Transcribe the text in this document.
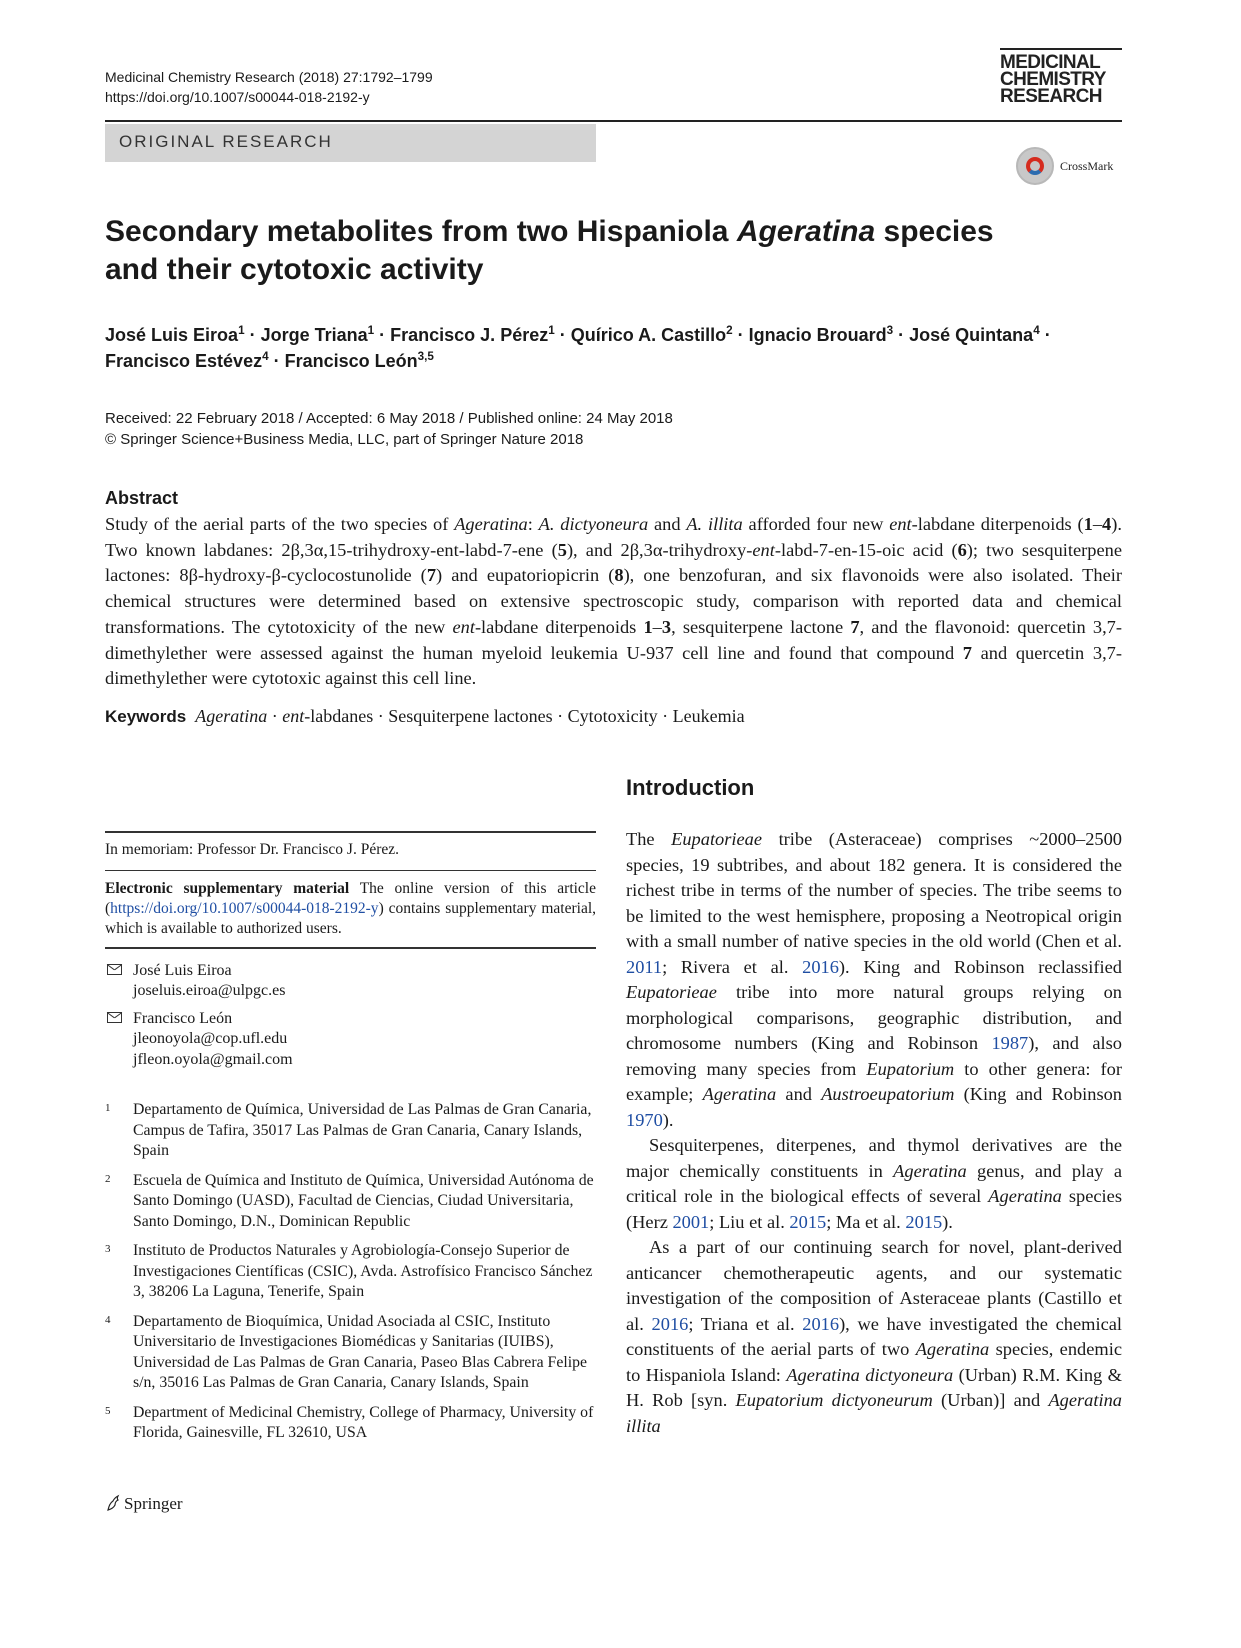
Medicinal Chemistry Research (2018) 27:1792–1799
https://doi.org/10.1007/s00044-018-2192-y
MEDICINAL
CHEMISTRY
RESEARCH
ORIGINAL RESEARCH
CrossMark
Secondary metabolites from two Hispaniola Ageratina species and their cytotoxic activity
José Luis Eiroa$^1$ · Jorge Triana$^1$ · Francisco J. Pérez$^1$ · Quírico A. Castillo$^2$ · Ignacio Brouard$^3$ · José Quintana$^4$ ·
Francisco Estévez$^4$ · Francisco León$^{3,5}$
Received: 22 February 2018 / Accepted: 6 May 2018 / Published online: 24 May 2018
© Springer Science+Business Media, LLC, part of Springer Nature 2018
Abstract

Study of the aerial parts of the two species of Ageratina: A. dictyoneura and A. illita afforded four new ent-labdane diterpenoids (1–4). Two known labdanes: 2β,3α,15-trihydroxy-ent-labd-7-ene (5), and 2β,3α-trihydroxy-ent-labd-7-en-15-oic acid (6); two sesquiterpene lactones: 8β-hydroxy-β-cyclocostunolide (7) and eupatoriopicrin (8), one benzofuran, and six flavonoids were also isolated. Their chemical structures were determined based on extensive spectroscopic study, comparison with reported data and chemical transformations. The cytotoxicity of the new ent-labdane diterpenoids 1–3, sesquiterpene lactone 7, and the flavonoid: quercetin 3,7-dimethylether were assessed against the human myeloid leukemia U-937 cell line and found that compound 7 and quercetin 3,7-dimethylether were cytotoxic against this cell line.

Keywords Ageratina · ent-labdanes · Sesquiterpene lactones · Cytotoxicity · Leukemia
In memoriam: Professor Dr. Francisco J. Pérez.
Electronic supplementary material The online version of this article (https://doi.org/10.1007/s00044-018-2192-y) contains supplementary material, which is available to authorized users.
José Luis Eiroa
joseluis.eiroa@ulpgc.es
Francisco León
jleonoyola@cop.ufl.edu
jfleon.oyola@gmail.com
1 Departamento de Química, Universidad de Las Palmas de Gran Canaria, Campus de Tafira, 35017 Las Palmas de Gran Canaria, Canary Islands, Spain
2 Escuela de Química and Instituto de Química, Universidad Autónoma de Santo Domingo (UASD), Facultad de Ciencias, Ciudad Universitaria, Santo Domingo, D.N., Dominican Republic
3 Instituto de Productos Naturales y Agrobiología-Consejo Superior de Investigaciones Científicas (CSIC), Avda. Astrofísico Francisco Sánchez 3, 38206 La Laguna, Tenerife, Spain
4 Departamento de Bioquímica, Unidad Asociada al CSIC, Instituto Universitario de Investigaciones Biomédicas y Sanitarias (IUIBS), Universidad de Las Palmas de Gran Canaria, Paseo Blas Cabrera Felipe s/n, 35016 Las Palmas de Gran Canaria, Canary Islands, Spain
5 Department of Medicinal Chemistry, College of Pharmacy, University of Florida, Gainesville, FL 32610, USA
Introduction

The Eupatorieae tribe (Asteraceae) comprises ~2000–2500 species, 19 subtribes, and about 182 genera. It is considered the richest tribe in terms of the number of species. The tribe seems to be limited to the west hemisphere, proposing a Neotropical origin with a small number of native species in the old world (Chen et al. 2011; Rivera et al. 2016). King and Robinson reclassified Eupatorieae tribe into more natural groups relying on morphological comparisons, geographic distribution, and chromosome numbers (King and Robinson 1987), and also removing many species from Eupatorium to other genera: for example; Ageratina and Austroeupatorium (King and Robinson 1970).

Sesquiterpenes, diterpenes, and thymol derivatives are the major chemically constituents in Ageratina genus, and play a critical role in the biological effects of several Ageratina species (Herz 2001; Liu et al. 2015; Ma et al. 2015).

As a part of our continuing search for novel, plant-derived anticancer chemotherapeutic agents, and our systematic investigation of the composition of Asteraceae plants (Castillo et al. 2016; Triana et al. 2016), we have investigated the chemical constituents of the aerial parts of two Ageratina species, endemic to Hispaniola Island: Ageratina dictyoneura (Urban) R.M. King & H. Rob [syn. Eupatorium dictyoneurum (Urban)] and Ageratina illita

Springer
